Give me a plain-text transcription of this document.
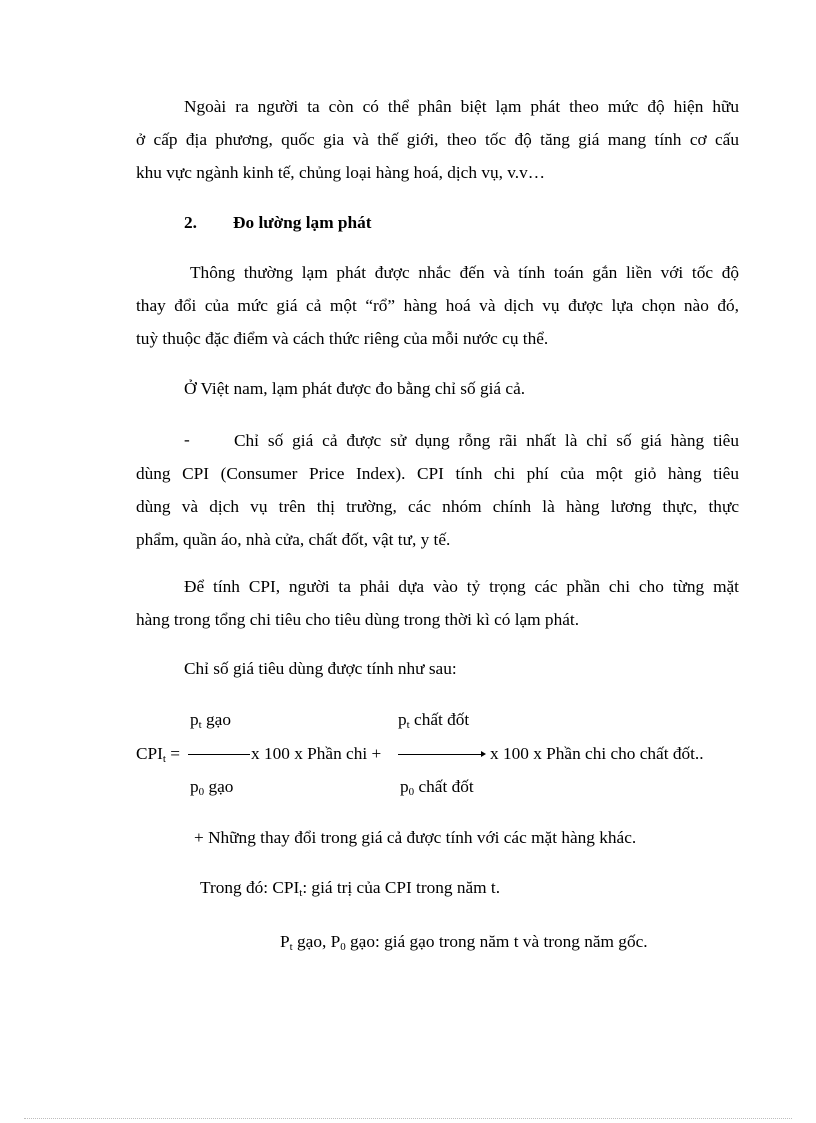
Ngoài ra người ta còn có thể phân biệt lạm phát theo mức độ hiện hữu
ở cấp địa phương, quốc gia và thế giới, theo tốc độ tăng giá mang tính cơ cấu
khu vực ngành kinh tế, chủng loại hàng hoá, dịch vụ, v.v…

2. Đo lường lạm phát

Thông thường lạm phát được nhắc đến và tính toán gắn liền với tốc độ
thay đổi của mức giá cả một “rổ” hàng hoá và dịch vụ được lựa chọn nào đó,
tuỳ thuộc đặc điểm và cách thức riêng của mỗi nước cụ thể.

Ở Việt nam, lạm phát được đo bằng chỉ số giá cả.
-	Chỉ số giá cả được sử dụng rỗng rãi nhất là chỉ số giá hàng tiêu
dùng CPI (Consumer Price Index). CPI tính chi phí của một giỏ hàng tiêu
dùng và dịch vụ trên thị trường, các nhóm chính là hàng lương thực, thực
phẩm, quần áo, nhà cửa, chất đốt, vật tư, y tế.

Để tính CPI, người ta phải dựa vào tỷ trọng các phần chi cho từng mặt
hàng trong tổng chi tiêu cho tiêu dùng trong thời kì có lạm phát.

Chỉ số giá tiêu dùng được tính như sau:
$p_t$ gạo	$p_t$ chất đốt
$CPI_t$ =	x 100 x Phần chi +	x 100 x Phần chi cho chất đốt..
$p_0$ gạo	$p_0$ chất đốt
+ Những thay đổi trong giá cả được tính với các mặt hàng khác.
Trong đó: $CPI_t$: giá trị của CPI trong năm t.
$P_t$ gạo, $P_0$ gạo: giá gạo trong năm t và trong năm gốc.
